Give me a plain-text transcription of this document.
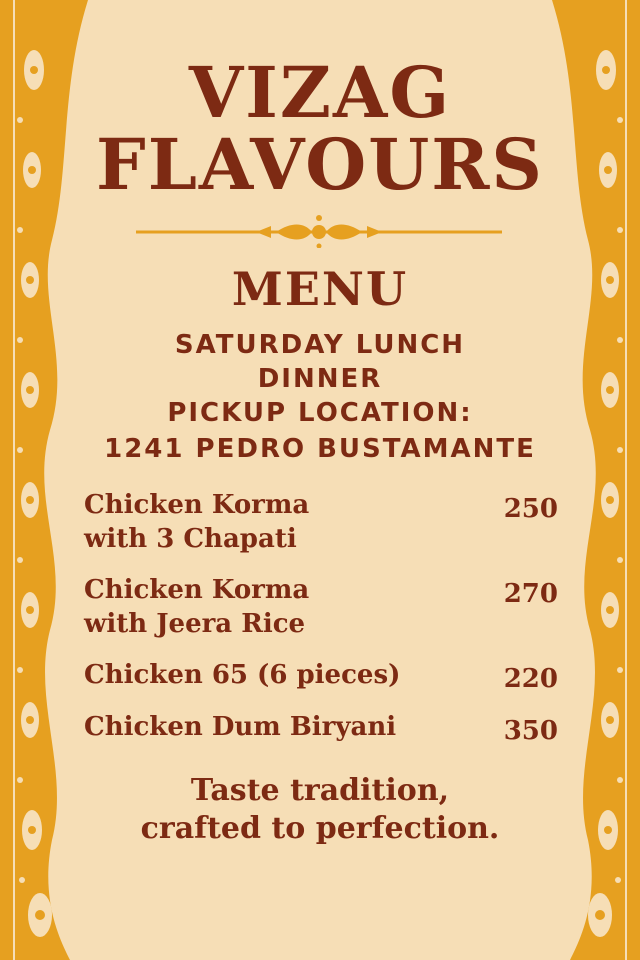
VIZAG
FLAVOURS
MENU
SATURDAY LUNCH
DINNER
PICKUP LOCATION:
1241 PEDRO BUSTAMANTE
Chicken Korma
with 3 Chapati
250
Chicken Korma
with Jeera Rice
270
Chicken 65 (6 pieces)	220
Chicken Dum Biryani	350
Taste tradition,
crafted to perfection.
